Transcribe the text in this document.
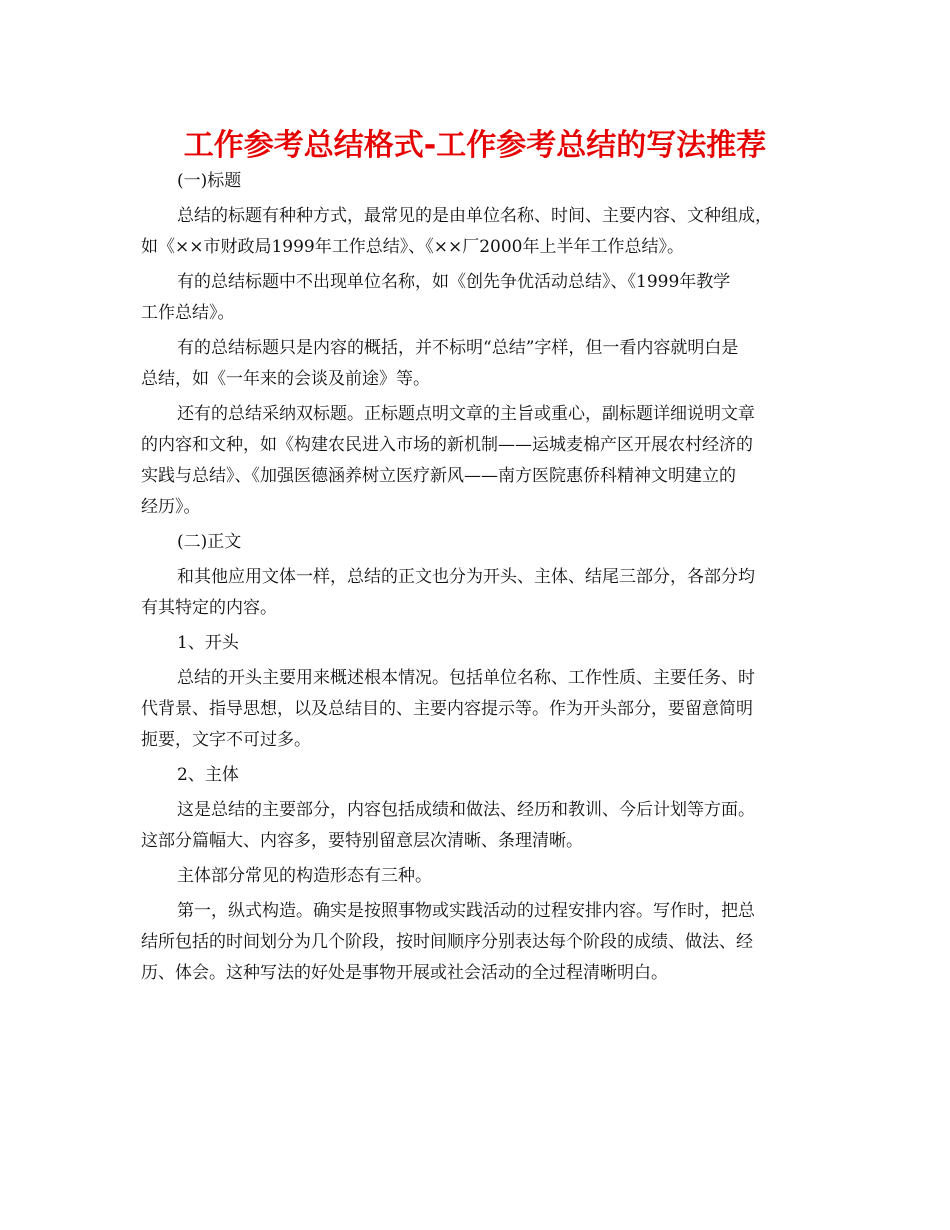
工作参考总结格式-工作参考总结的写法推荐
(一)标题
总结的标题有种种方式，最常见的是由单位名称、时间、主要内容、文种组成，
如《××市财政局1999年工作总结》、《××厂2000年上半年工作总结》。
有的总结标题中不出现单位名称，如《创先争优活动总结》、《1999年教学
工作总结》。
有的总结标题只是内容的概括，并不标明“总结”字样，但一看内容就明白是
总结，如《一年来的会谈及前途》等。
还有的总结采纳双标题。正标题点明文章的主旨或重心，副标题详细说明文章
的内容和文种，如《构建农民进入市场的新机制——运城麦棉产区开展农村经济的
实践与总结》、《加强医德涵养树立医疗新风——南方医院惠侨科精神文明建立的
经历》。
(二)正文
和其他应用文体一样，总结的正文也分为开头、主体、结尾三部分，各部分均
有其特定的内容。
1、开头
总结的开头主要用来概述根本情况。包括单位名称、工作性质、主要任务、时
代背景、指导思想，以及总结目的、主要内容提示等。作为开头部分，要留意简明
扼要，文字不可过多。
2、主体
这是总结的主要部分，内容包括成绩和做法、经历和教训、今后计划等方面。
这部分篇幅大、内容多，要特别留意层次清晰、条理清晰。
主体部分常见的构造形态有三种。
第一，纵式构造。确实是按照事物或实践活动的过程安排内容。写作时，把总
结所包括的时间划分为几个阶段，按时间顺序分别表达每个阶段的成绩、做法、经
历、体会。这种写法的好处是事物开展或社会活动的全过程清晰明白。
